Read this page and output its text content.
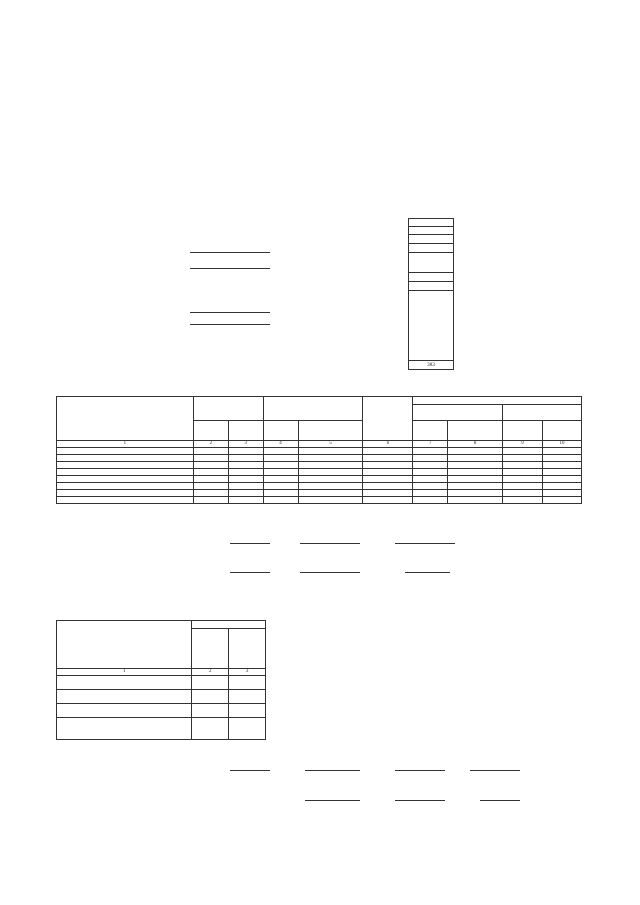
383

1	2	3	4	5	6	7	8	9	10

1	2	3
